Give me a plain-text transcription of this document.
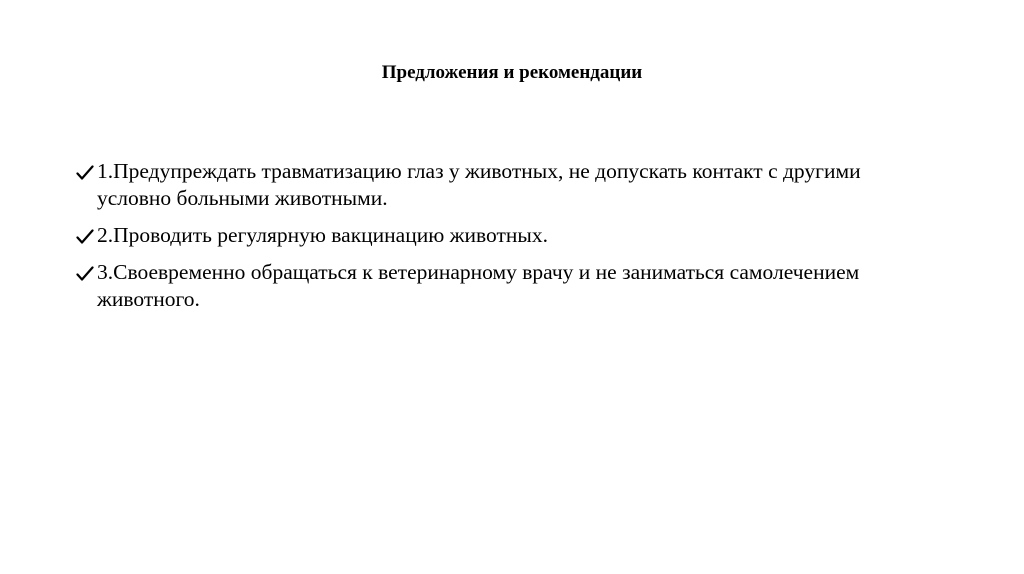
Предложения и рекомендации
1.Предупреждать травматизацию глаз у животных, не допускать контакт с другими условно больными животными.
2.Проводить регулярную вакцинацию животных.
3.Своевременно обращаться к ветеринарному врачу и не заниматься самолечением животного.
